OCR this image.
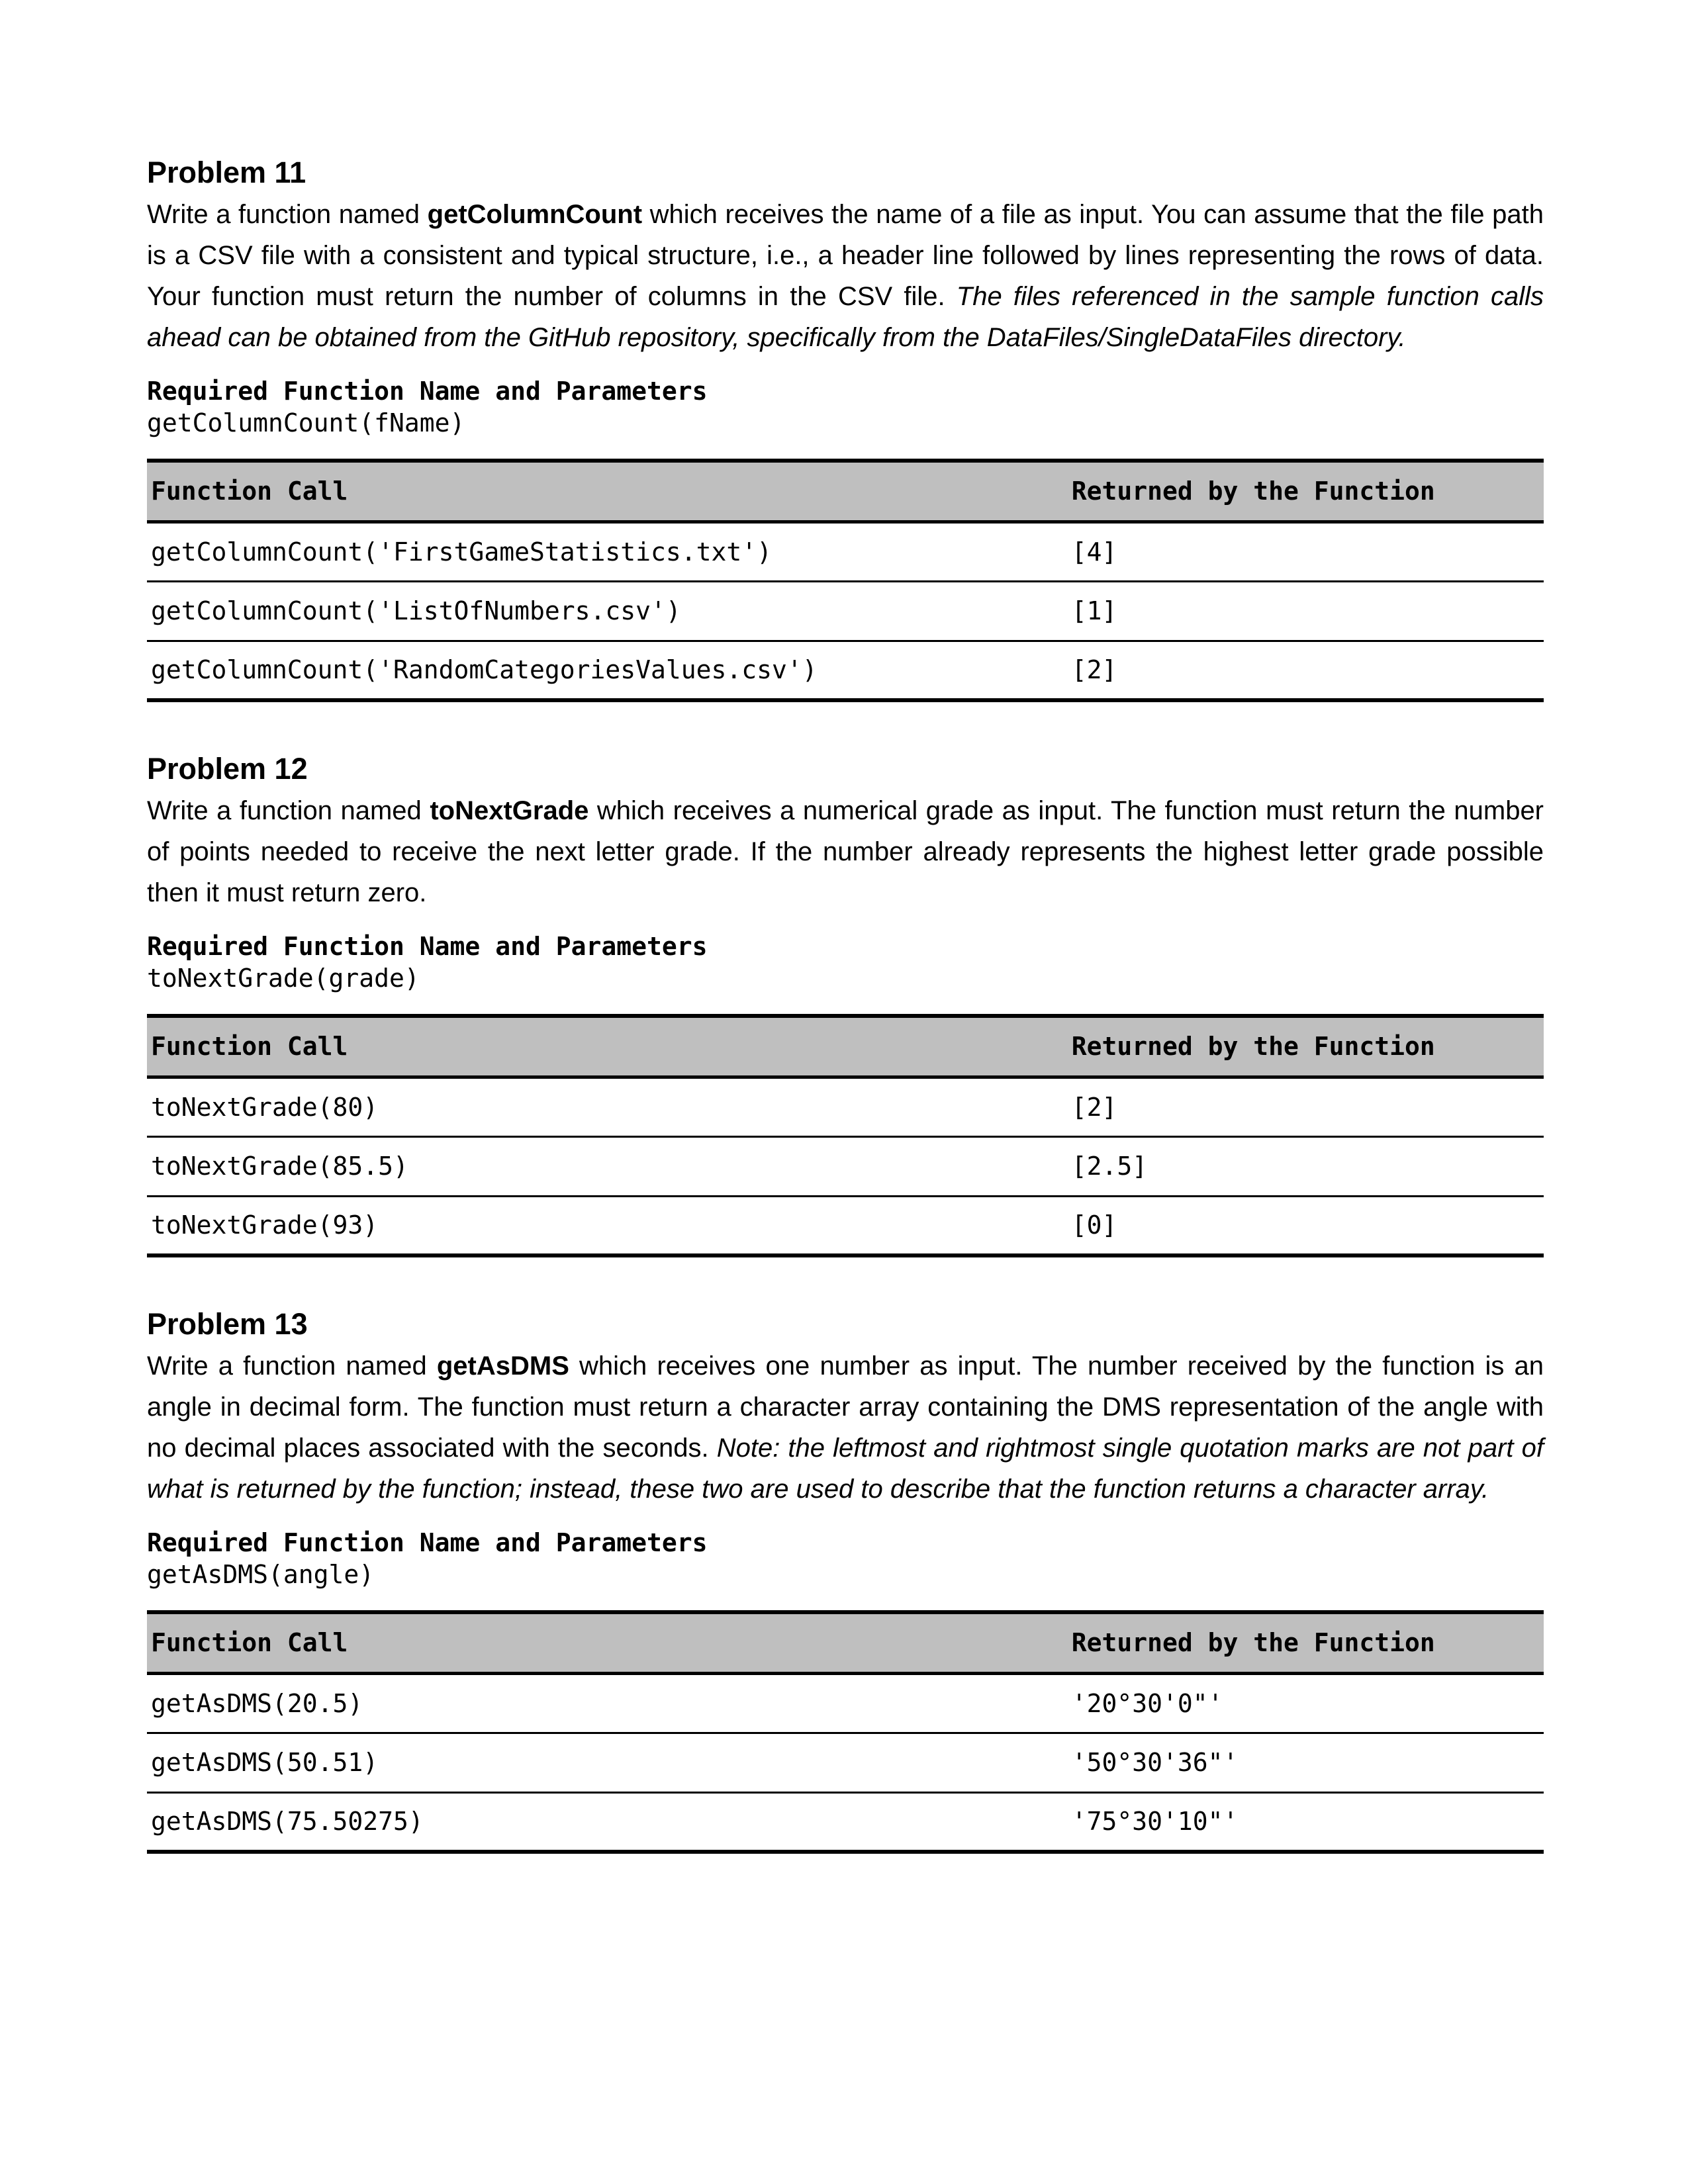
Problem 11

Write a function named getColumnCount which receives the name of a file as input. You can assume that the file path is a CSV file with a consistent and typical structure, i.e., a header line followed by lines representing the rows of data. Your function must return the number of columns in the CSV file. The files referenced in the sample function calls ahead can be obtained from the GitHub repository, specifically from the DataFiles/SingleDataFiles directory.

Required Function Name and Parameters
getColumnCount(fName)
Function Call	Returned by the Function
getColumnCount('FirstGameStatistics.txt')	[4]
getColumnCount('ListOfNumbers.csv')	[1]
getColumnCount('RandomCategoriesValues.csv')	[2]
Problem 12

Write a function named toNextGrade which receives a numerical grade as input. The function must return the number of points needed to receive the next letter grade. If the number already represents the highest letter grade possible then it must return zero.

Required Function Name and Parameters
toNextGrade(grade)
Function Call	Returned by the Function
toNextGrade(80)	[2]
toNextGrade(85.5)	[2.5]
toNextGrade(93)	[0]
Problem 13

Write a function named getAsDMS which receives one number as input. The number received by the function is an angle in decimal form. The function must return a character array containing the DMS representation of the angle with no decimal places associated with the seconds. Note: the leftmost and rightmost single quotation marks are not part of what is returned by the function; instead, these two are used to describe that the function returns a character array.

Required Function Name and Parameters
getAsDMS(angle)
Function Call	Returned by the Function
getAsDMS(20.5)	'20°30'0"'
getAsDMS(50.51)	'50°30'36"'
getAsDMS(75.50275)	'75°30'10"'
